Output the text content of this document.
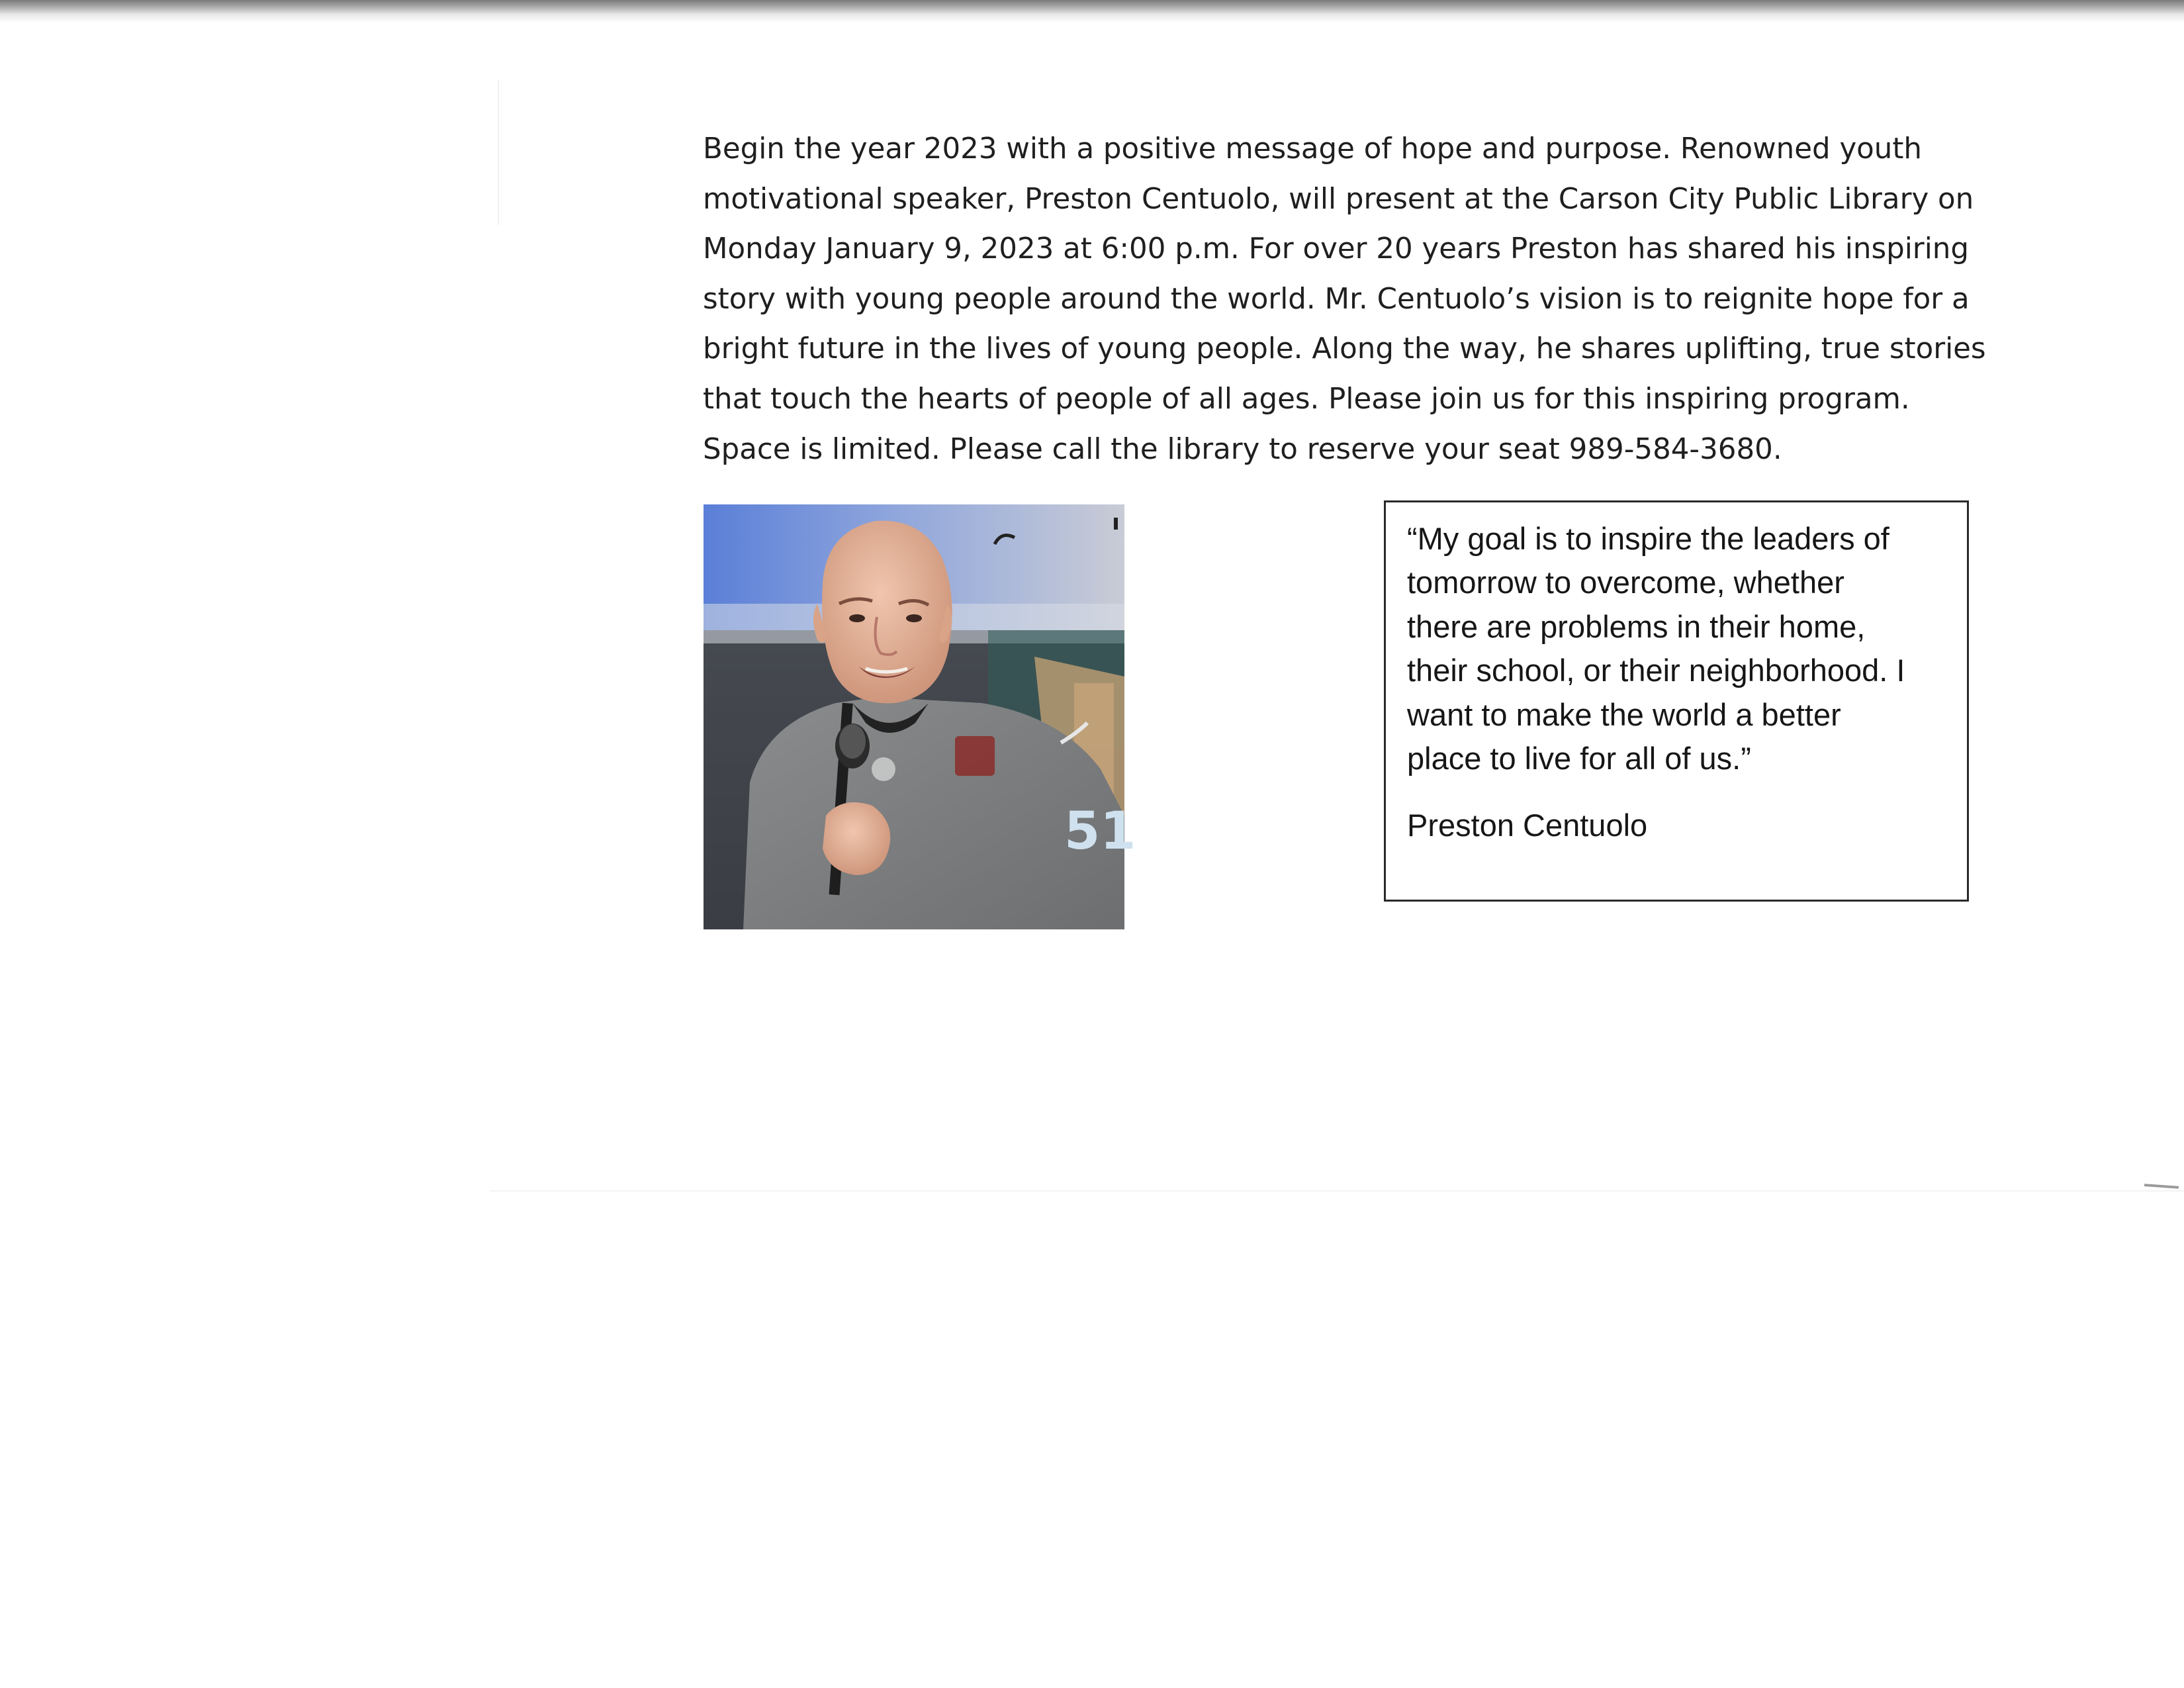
Begin the year 2023 with a positive message of hope and purpose. Renowned youth
motivational speaker, Preston Centuolo, will present at the Carson City Public Library on
Monday January 9, 2023 at 6:00 p.m. For over 20 years Preston has shared his inspiring
story with young people around the world. Mr. Centuolo’s vision is to reignite hope for a
bright future in the lives of young people. Along the way, he shares uplifting, true stories
that touch the hearts of people of all ages. Please join us for this inspiring program.
Space is limited. Please call the library to reserve your seat 989-584-3680.
51
“My goal is to inspire the leaders of
tomorrow to overcome, whether
there are problems in their home,
their school, or their neighborhood. I
want to make the world a better
place to live for all of us.”
Preston Centuolo
